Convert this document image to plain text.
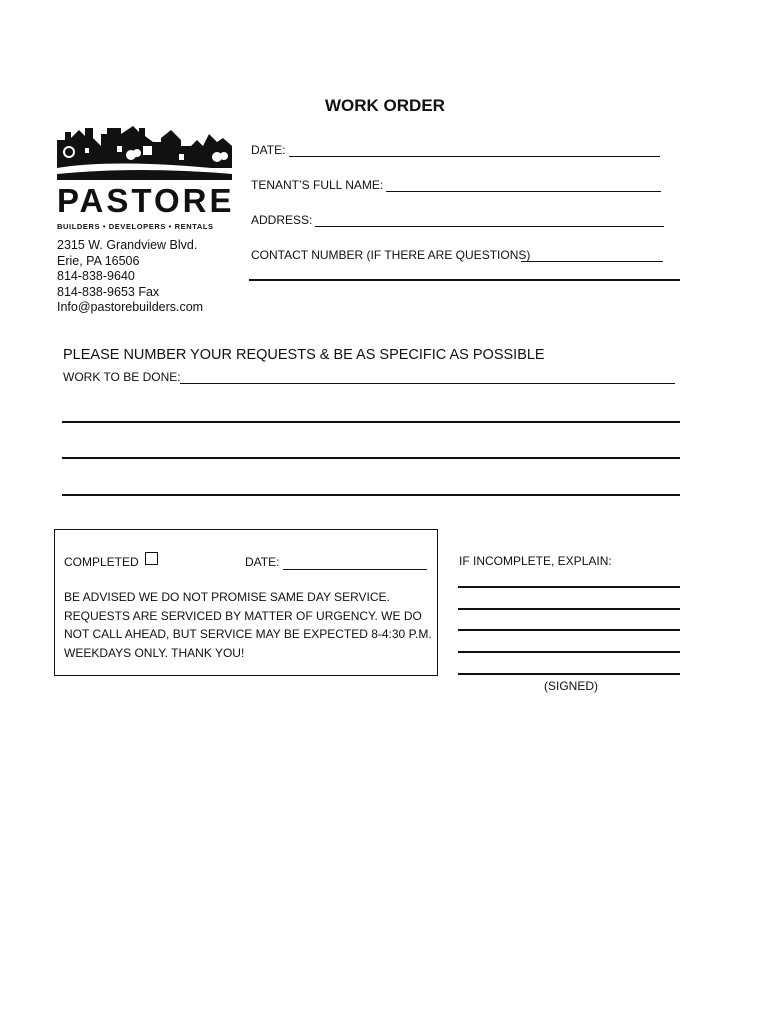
WORK ORDER
PASTORE
BUILDERS • DEVELOPERS • RENTALS
2315 W. Grandview Blvd.
Erie, PA 16506
814-838-9640
814-838-9653 Fax
Info@pastorebuilders.com
DATE:
TENANT’S FULL NAME:
ADDRESS:
CONTACT NUMBER (IF THERE ARE QUESTIONS)
PLEASE NUMBER YOUR REQUESTS & BE AS SPECIFIC AS POSSIBLE
WORK TO BE DONE:
COMPLETED	DATE:
BE ADVISED WE DO NOT PROMISE SAME DAY SERVICE. REQUESTS ARE SERVICED BY MATTER OF URGENCY. WE DO NOT CALL AHEAD, BUT SERVICE MAY BE EXPECTED 8-4:30 P.M. WEEKDAYS ONLY. THANK YOU!
IF INCOMPLETE, EXPLAIN:
(SIGNED)
